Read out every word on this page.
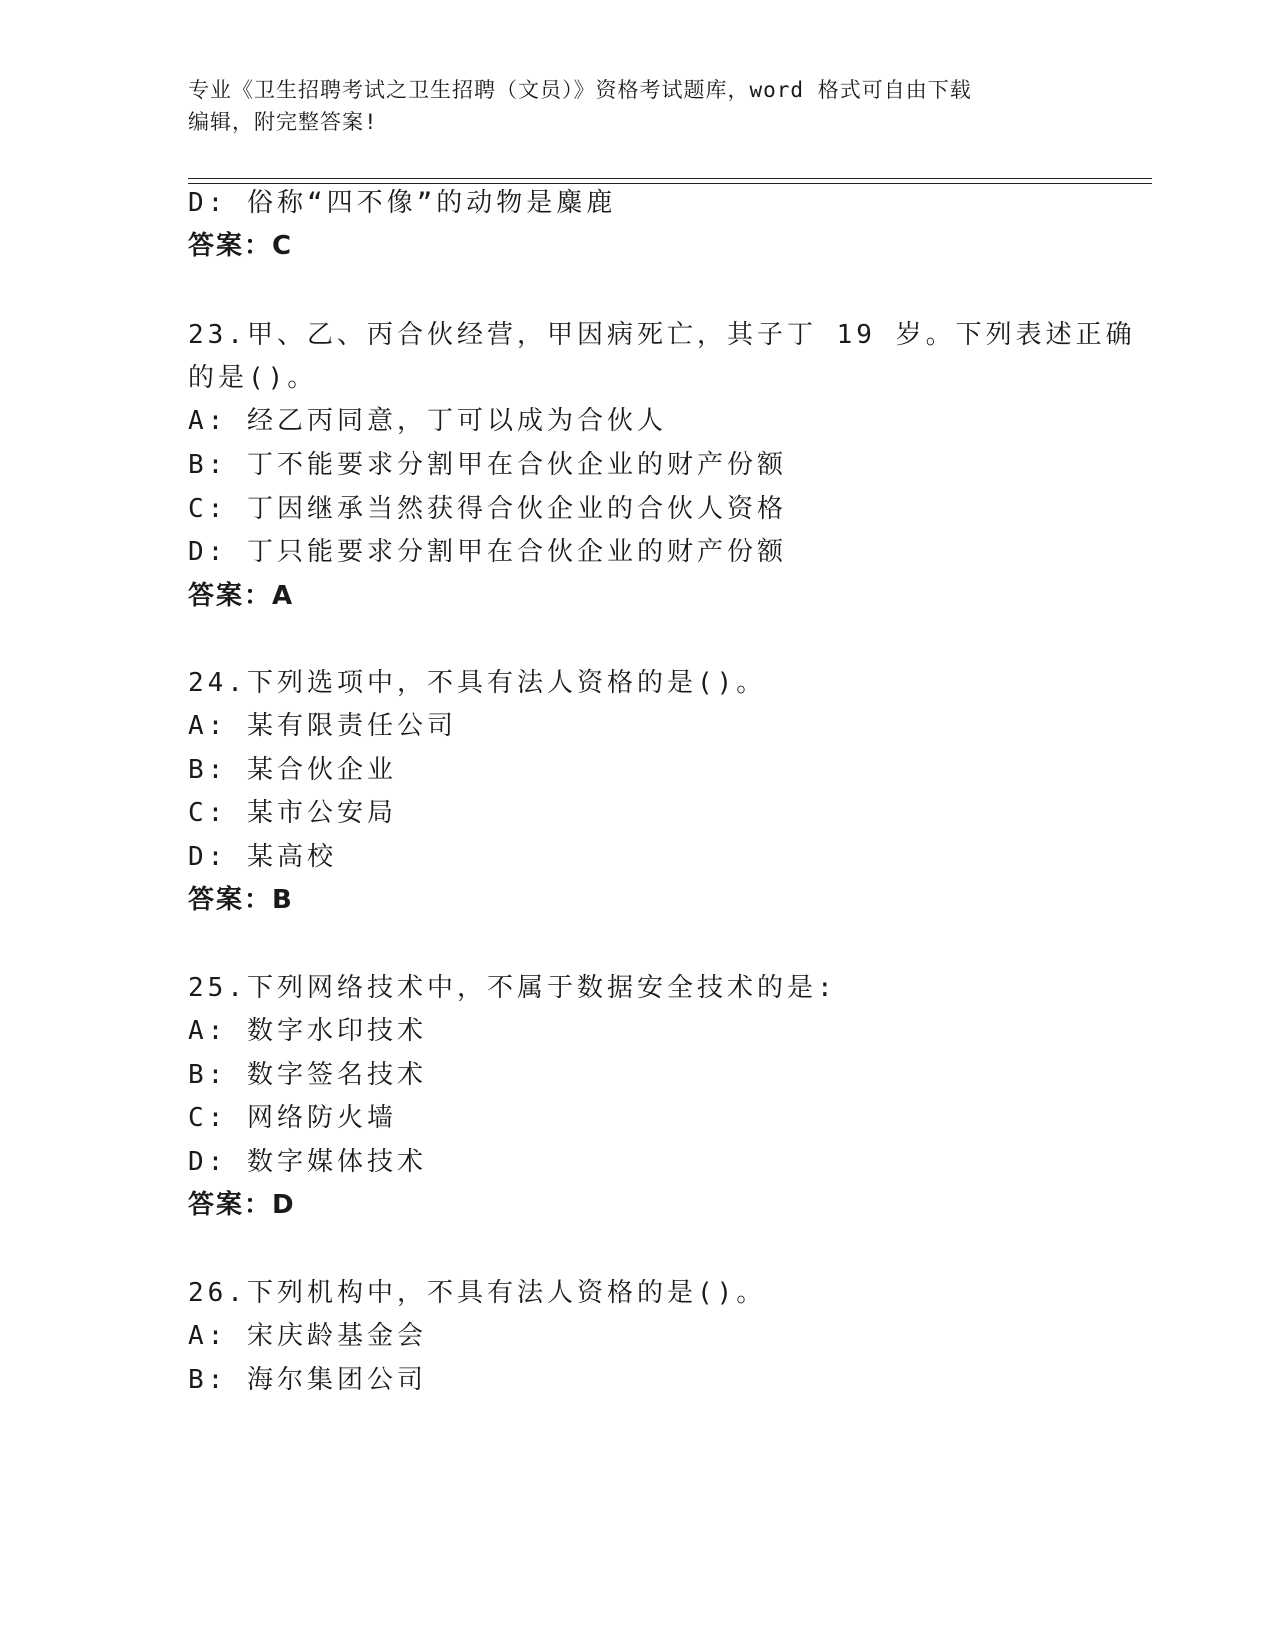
专业《卫生招聘考试之卫生招聘（文员）》资格考试题库，word 格式可自由下载
编辑，附完整答案!
D: 俗称“四不像”的动物是麋鹿
答案：C
23.甲、乙、丙合伙经营，甲因病死亡，其子丁 19 岁。下列表述正确
的是()。
A: 经乙丙同意，丁可以成为合伙人
B: 丁不能要求分割甲在合伙企业的财产份额
C: 丁因继承当然获得合伙企业的合伙人资格
D: 丁只能要求分割甲在合伙企业的财产份额
答案：A
24.下列选项中，不具有法人资格的是()。
A: 某有限责任公司
B: 某合伙企业
C: 某市公安局
D: 某高校
答案：B
25.下列网络技术中，不属于数据安全技术的是:
A: 数字水印技术
B: 数字签名技术
C: 网络防火墙
D: 数字媒体技术
答案：D
26.下列机构中，不具有法人资格的是()。
A: 宋庆龄基金会
B: 海尔集团公司
